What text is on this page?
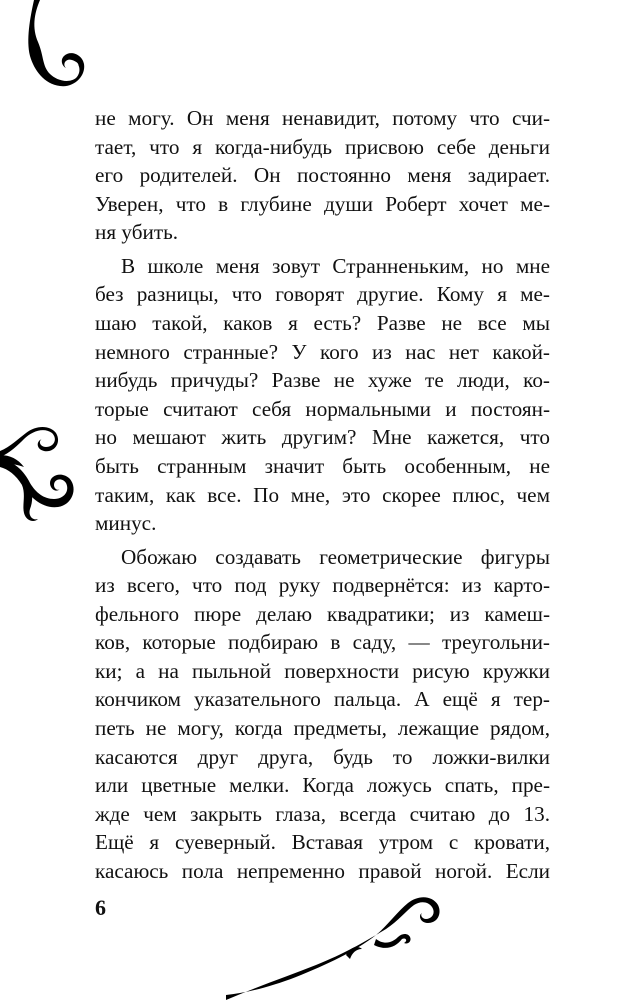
не могу. Он меня ненавидит, потому что счи-
тает, что я когда-нибудь присвою себе деньги
его родителей. Он постоянно меня задирает.
Уверен, что в глубине души Роберт хочет ме-
ня убить.
В школе меня зовут Странненьким, но мне
без разницы, что говорят другие. Кому я ме-
шаю такой, каков я есть? Разве не все мы
немного странные? У кого из нас нет какой-
нибудь причуды? Разве не хуже те люди, ко-
торые считают себя нормальными и постоян-
но мешают жить другим? Мне кажется, что
быть странным значит быть особенным, не
таким, как все. По мне, это скорее плюс, чем
минус.
Обожаю создавать геометрические фигуры
из всего, что под руку подвернётся: из карто-
фельного пюре делаю квадратики; из камеш-
ков, которые подбираю в саду, — треугольни-
ки; а на пыльной поверхности рисую кружки
кончиком указательного пальца. А ещё я тер-
петь не могу, когда предметы, лежащие рядом,
касаются друг друга, будь то ложки-вилки
или цветные мелки. Когда ложусь спать, пре-
жде чем закрыть глаза, всегда считаю до 13.
Ещё я суеверный. Вставая утром с кровати,
касаюсь пола непременно правой ногой. Если
6
